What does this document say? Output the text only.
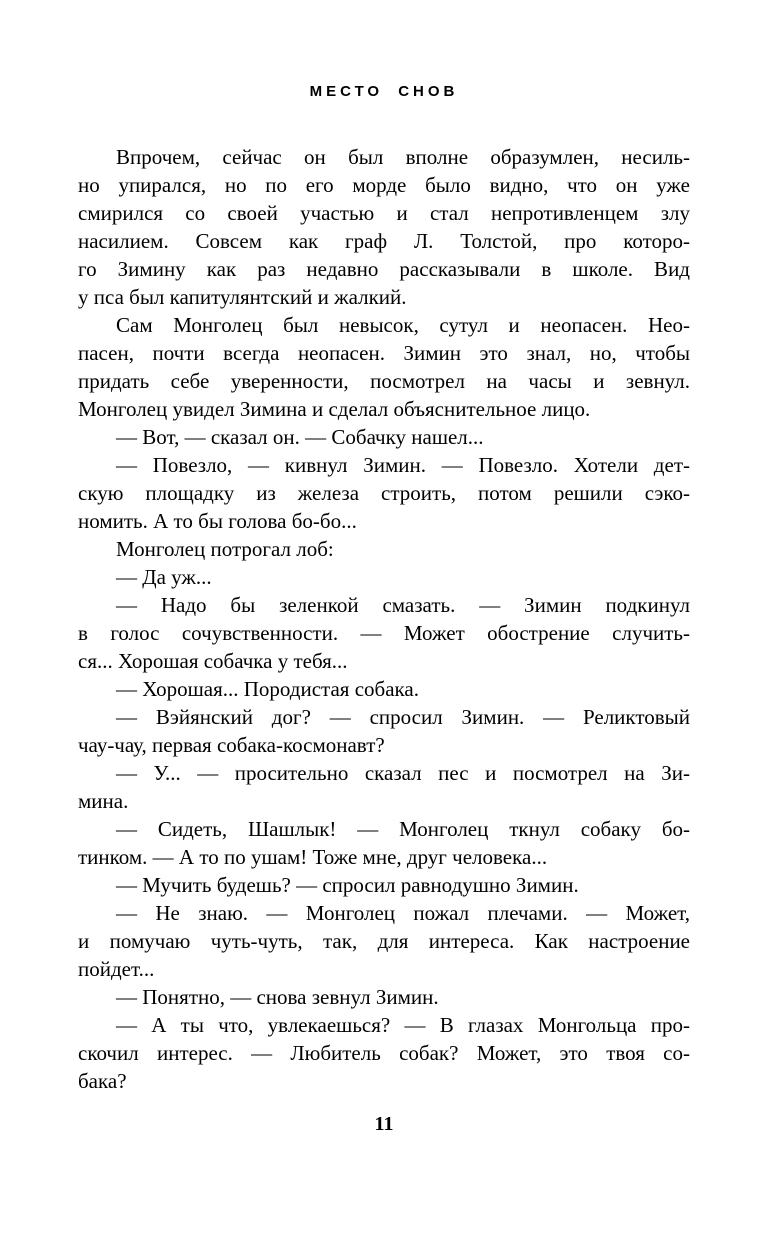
МЕСТО СНОВ
Впрочем, сейчас он был вполне образумлен, несиль-
но упирался, но по его морде было видно, что он уже
смирился со своей участью и стал непротивленцем злу
насилием. Совсем как граф Л. Толстой, про которо-
го Зимину как раз недавно рассказывали в школе. Вид
у пса был капитулянтский и жалкий.
Сам Монголец был невысок, сутул и неопасен. Нео-
пасен, почти всегда неопасен. Зимин это знал, но, чтобы
придать себе уверенности, посмотрел на часы и зевнул.
Монголец увидел Зимина и сделал объяснительное лицо.
— Вот, — сказал он. — Собачку нашел...
— Повезло, — кивнул Зимин. — Повезло. Хотели дет-
скую площадку из железа строить, потом решили сэко-
номить. А то бы голова бо-бо...
Монголец потрогал лоб:
— Да уж...
— Надо бы зеленкой смазать. — Зимин подкинул
в голос сочувственности. — Может обострение случить-
ся... Хорошая собачка у тебя...
— Хорошая... Породистая собака.
— Вэйянский дог? — спросил Зимин. — Реликтовый
чау-чау, первая собака-космонавт?
— У... — просительно сказал пес и посмотрел на Зи-
мина.
— Сидеть, Шашлык! — Монголец ткнул собаку бо-
тинком. — А то по ушам! Тоже мне, друг человека...
— Мучить будешь? — спросил равнодушно Зимин.
— Не знаю. — Монголец пожал плечами. — Может,
и помучаю чуть-чуть, так, для интереса. Как настроение
пойдет...
— Понятно, — снова зевнул Зимин.
— А ты что, увлекаешься? — В глазах Монгольца про-
скочил интерес. — Любитель собак? Может, это твоя со-
бака?
11
